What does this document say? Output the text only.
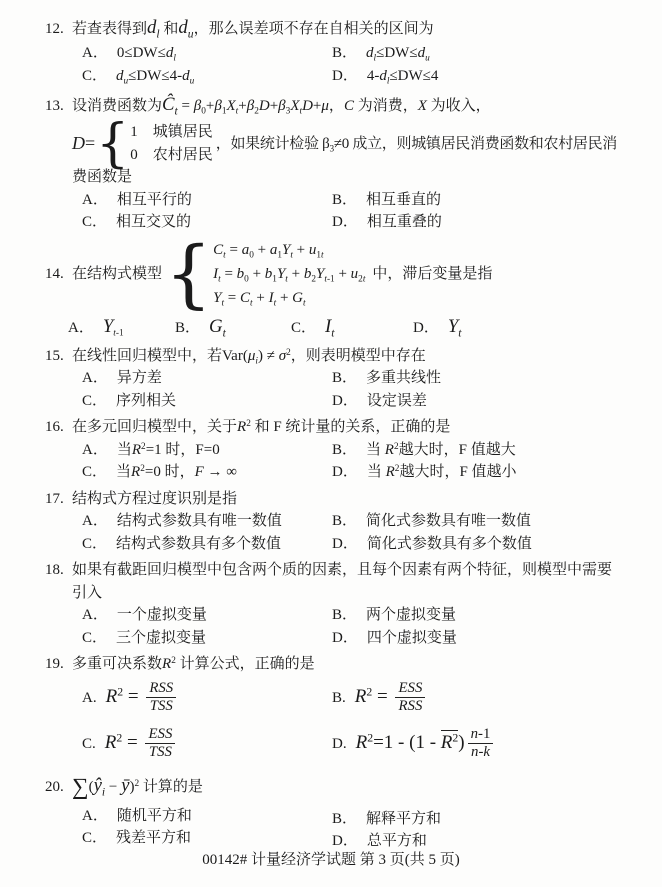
12. 若查表得到$d_l$ 和$d_u$，那么误差项不存在自相关的区间为
A． $0\le DW\le d_l$	B． $d_l\le DW\le d_u$
C． $d_u\le DW\le 4-d_u$	D． $4-d_l\le DW\le 4$
13. 设消费函数为$Ĉ_t = \beta_0+\beta_1X_t+\beta_2D+\beta_3X_tD+\mu$，C 为消费，X 为收入，
D= { 1　城镇居民
0　农村居民
，如果统计检验 $\beta_3\ne 0$ 成立，则城镇居民消费函数和农村居民消
费函数是
A． 相互平行的	B． 相互垂直的
C． 相互交叉的	D． 相互重叠的
14. 在结构式模型 { $C_t = a_0 + a_1Y_t + u_{1t}$
$I_t = b_0 + b_1Y_t + b_2Y_{t-1} + u_{2t}$
$Y_t = C_t + I_t + G_t$
中，滞后变量是指
A． $Y_{t-1}$	B． $G_t$	C． $I_t$	D． $Y_t$
15. 在线性回归模型中，若$Var(\mu_i) \ne \sigma^2$，则表明模型中存在
A． 异方差	B． 多重共线性
C． 序列相关	D． 设定误差
16. 在多元回归模型中，关于$R^2$ 和 F 统计量的关系，正确的是
A． 当$R^2=1$ 时，F=0	B． 当 $R^2$越大时，F 值越大
C． 当$R^2=0$ 时，F → ∞	D． 当 $R^2$越大时，F 值越小
17. 结构式方程过度识别是指
A． 结构式参数具有唯一数值	B． 简化式参数具有唯一数值
C． 结构式参数具有多个数值	D． 简化式参数具有多个数值
18. 如果有截距回归模型中包含两个质的因素，且每个因素有两个特征，则模型中需要
引入
A． 一个虚拟变量	B． 两个虚拟变量
C． 三个虚拟变量	D． 四个虚拟变量
19. 多重可决系数$R^2$ 计算公式，正确的是
A. $R^2 = \frac{\text{RSS}}{\text{TSS}}$	B. $R^2 = \frac{\text{ESS}}{\text{RSS}}$
C. $R^2 = \frac{\text{ESS}}{\text{TSS}}$	D. $R^2=1 - (1 - R^2) \frac{n-1}{n-k}$
20. $\sum(ŷ_i$ − ȳ)$^2$ 计算的是
A． 随机平方和	B． 解释平方和
C． 残差平方和	D． 总平方和
00142# 计量经济学试题 第 3 页(共 5 页)
